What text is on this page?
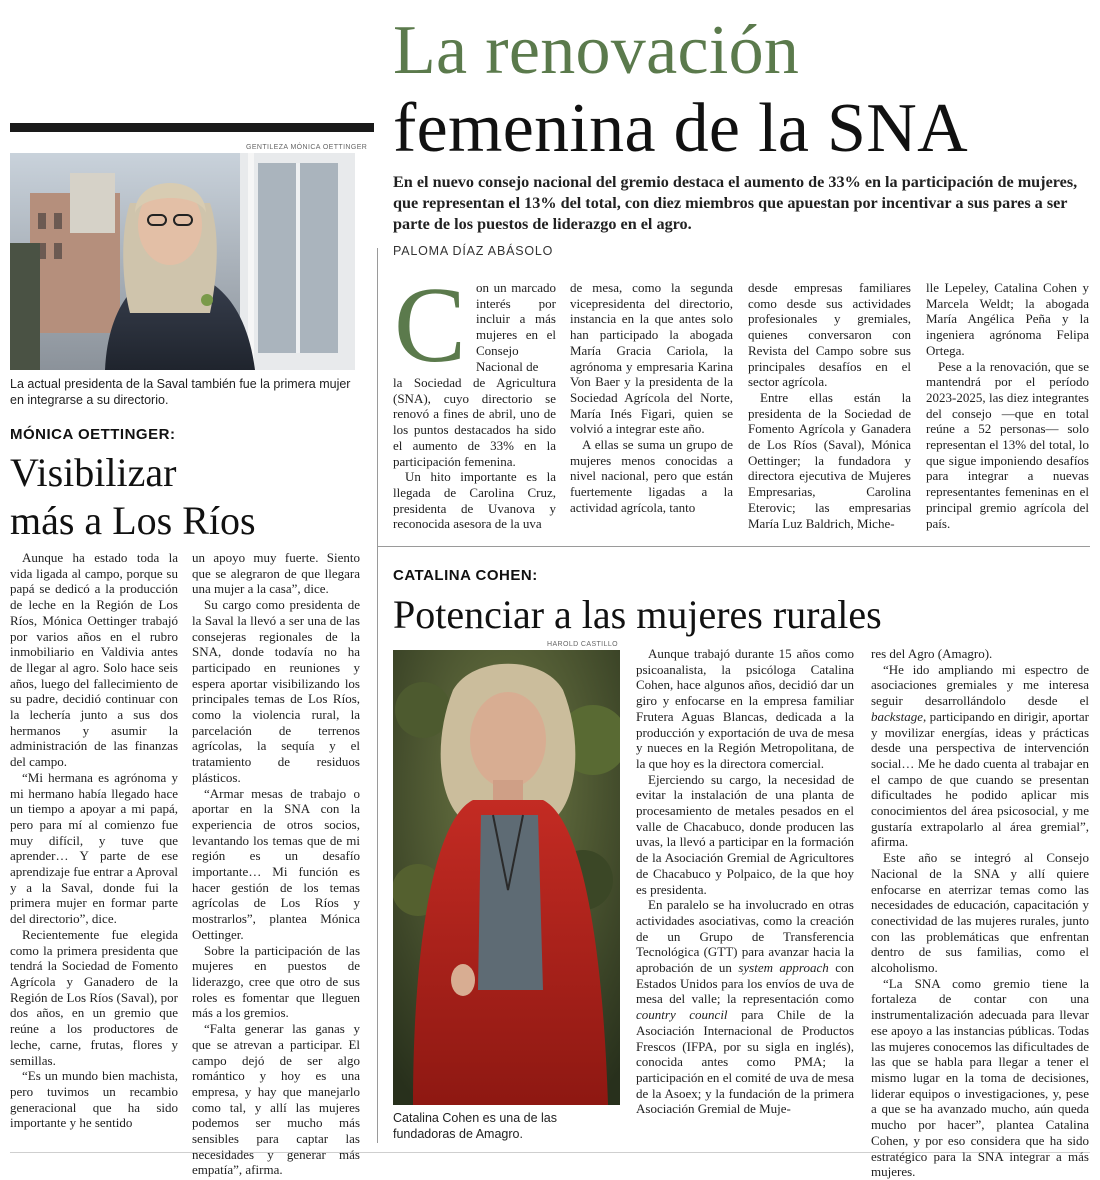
La renovación
femenina de la SNA
En el nuevo consejo nacional del gremio destaca el aumento de 33% en la participación de mujeres, que representan el 13% del total, con diez miembros que apuestan por incentivar a sus pares a ser parte de los puestos de liderazgo en el agro.
PALOMA DÍAZ ABÁSOLO
GENTILEZA MÓNICA OETTINGER
La actual presidenta de la Saval también fue la primera mujer en integrarse a su directorio.
MÓNICA OETTINGER:
Visibilizar
más a Los Ríos

Aunque ha estado toda la vida ligada al campo, porque su papá se dedicó a la producción de leche en la Región de Los Ríos, Mónica Oettinger trabajó por varios años en el rubro inmobiliario en Valdivia antes de llegar al agro. Solo hace seis años, luego del fallecimiento de su padre, decidió continuar con la lechería junto a sus dos hermanos y asumir la administración de las finanzas del campo.

“Mi hermana es agrónoma y mi hermano había llegado hace un tiempo a apoyar a mi papá, pero para mí al comienzo fue muy difícil, y tuve que aprender… Y parte de ese aprendizaje fue entrar a Aproval y a la Saval, donde fui la primera mujer en formar parte del directorio”, dice.

Recientemente fue elegida como la primera presidenta que tendrá la Sociedad de Fomento Agrícola y Ganadero de la Región de Los Ríos (Saval), por dos años, en un gremio que reúne a los productores de leche, carne, frutas, flores y semillas.

“Es un mundo bien machista, pero tuvimos un recambio generacional que ha sido importante y he sentido

un apoyo muy fuerte. Siento que se alegraron de que llegara una mujer a la casa”, dice.

Su cargo como presidenta de la Saval la llevó a ser una de las consejeras regionales de la SNA, donde todavía no ha participado en reuniones y espera aportar visibilizando los principales temas de Los Ríos, como la violencia rural, la parcelación de terrenos agrícolas, la sequía y el tratamiento de residuos plásticos.

“Armar mesas de trabajo o aportar en la SNA con la experiencia de otros socios, levantando los temas que de mi región es un desafío importante… Mi función es hacer gestión de los temas agrícolas de Los Ríos y mostrarlos”, plantea Mónica Oettinger.

Sobre la participación de las mujeres en puestos de liderazgo, cree que otro de sus roles es fomentar que lleguen más a los gremios.

“Falta generar las ganas y que se atrevan a participar. El campo dejó de ser algo romántico y hoy es una empresa, y hay que manejarlo como tal, y allí las mujeres podemos ser mucho más sensibles para captar las necesidades y generar más empatía”, afirma.

C on un marcado interés por incluir a más mujeres en el Consejo Nacional de

la Sociedad de Agricultura (SNA), cuyo directorio se renovó a fines de abril, uno de los puntos destacados ha sido el aumento de 33% en la participación femenina.

Un hito importante es la llegada de Carolina Cruz, presidenta de Uvanova y reconocida asesora de la uva

de mesa, como la segunda vicepresidenta del directorio, instancia en la que antes solo han participado la abogada María Gracia Cariola, la agrónoma y empresaria Karina Von Baer y la presidenta de la Sociedad Agrícola del Norte, María Inés Figari, quien se volvió a integrar este año.

A ellas se suma un grupo de mujeres menos conocidas a nivel nacional, pero que están fuertemente ligadas a la actividad agrícola, tanto

desde empresas familiares como desde sus actividades profesionales y gremiales, quienes conversaron con Revista del Campo sobre sus principales desafíos en el sector agrícola.

Entre ellas están la presidenta de la Sociedad de Fomento Agrícola y Ganadera de Los Ríos (Saval), Mónica Oettinger; la fundadora y directora ejecutiva de Mujeres Empresarias, Carolina Eterovic; las empresarias María Luz Baldrich, Miche-

lle Lepeley, Catalina Cohen y Marcela Weldt; la abogada María Angélica Peña y la ingeniera agrónoma Felipa Ortega.

Pese a la renovación, que se mantendrá por el período 2023-2025, las diez integrantes del consejo —que en total reúne a 52 personas— solo representan el 13% del total, lo que sigue imponiendo desafíos para integrar a nuevas representantes femeninas en el principal gremio agrícola del país.

CATALINA COHEN:
Potenciar a las mujeres rurales
HAROLD CASTILLO
Catalina Cohen es una de las fundadoras de Amagro.

Aunque trabajó durante 15 años como psicoanalista, la psicóloga Catalina Cohen, hace algunos años, decidió dar un giro y enfocarse en la empresa familiar Frutera Aguas Blancas, dedicada a la producción y exportación de uva de mesa y nueces en la Región Metropolitana, de la que hoy es la directora comercial.

Ejerciendo su cargo, la necesidad de evitar la instalación de una planta de procesamiento de metales pesados en el valle de Chacabuco, donde producen las uvas, la llevó a participar en la formación de la Asociación Gremial de Agricultores de Chacabuco y Polpaico, de la que hoy es presidenta.

En paralelo se ha involucrado en otras actividades asociativas, como la creación de un Grupo de Transferencia Tecnológica (GTT) para avanzar hacia la aprobación de un system approach con Estados Unidos para los envíos de uva de mesa del valle; la representación como country council para Chile de la Asociación Internacional de Productos Frescos (IFPA, por su sigla en inglés), conocida antes como PMA; la participación en el comité de uva de mesa de la Asoex; y la fundación de la primera Asociación Gremial de Muje-

res del Agro (Amagro).

“He ido ampliando mi espectro de asociaciones gremiales y me interesa seguir desarrollándolo desde el backstage, participando en dirigir, aportar y movilizar energías, ideas y prácticas desde una perspectiva de intervención social… Me he dado cuenta al trabajar en el campo de que cuando se presentan dificultades he podido aplicar mis conocimientos del área psicosocial, y me gustaría extrapolarlo al área gremial”, afirma.

Este año se integró al Consejo Nacional de la SNA y allí quiere enfocarse en aterrizar temas como las necesidades de educación, capacitación y conectividad de las mujeres rurales, junto con las problemáticas que enfrentan dentro de sus familias, como el alcoholismo.

“La SNA como gremio tiene la fortaleza de contar con una instrumentalización adecuada para llevar ese apoyo a las instancias públicas. Todas las mujeres conocemos las dificultades de las que se habla para llegar a tener el mismo lugar en la toma de decisiones, liderar equipos o investigaciones, y, pese a que se ha avanzado mucho, aún queda mucho por hacer”, plantea Catalina Cohen, y por eso considera que ha sido estratégico para la SNA integrar a más mujeres.
